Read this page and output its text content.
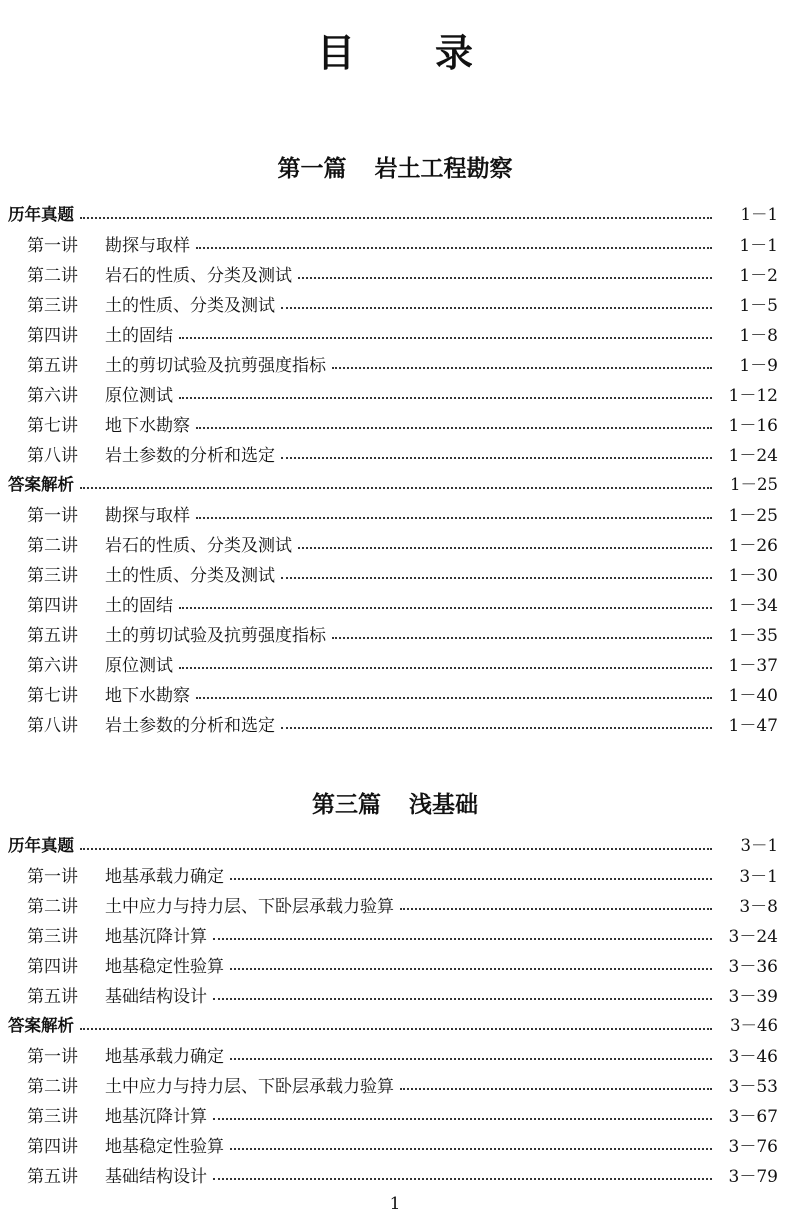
目 录
第一篇 岩土工程勘察
历年真题	1－1
第一讲	勘探与取样	1－1
第二讲	岩石的性质、分类及测试	1－2
第三讲	土的性质、分类及测试	1－5
第四讲	土的固结	1－8
第五讲	土的剪切试验及抗剪强度指标	1－9
第六讲	原位测试	1－12
第七讲	地下水勘察	1－16
第八讲	岩土参数的分析和选定	1－24
答案解析	1－25
第一讲	勘探与取样	1－25
第二讲	岩石的性质、分类及测试	1－26
第三讲	土的性质、分类及测试	1－30
第四讲	土的固结	1－34
第五讲	土的剪切试验及抗剪强度指标	1－35
第六讲	原位测试	1－37
第七讲	地下水勘察	1－40
第八讲	岩土参数的分析和选定	1－47
第三篇 浅基础
历年真题	3－1
第一讲	地基承载力确定	3－1
第二讲	土中应力与持力层、下卧层承载力验算	3－8
第三讲	地基沉降计算	3－24
第四讲	地基稳定性验算	3－36
第五讲	基础结构设计	3－39
答案解析	3－46
第一讲	地基承载力确定	3－46
第二讲	土中应力与持力层、下卧层承载力验算	3－53
第三讲	地基沉降计算	3－67
第四讲	地基稳定性验算	3－76
第五讲	基础结构设计	3－79
1
